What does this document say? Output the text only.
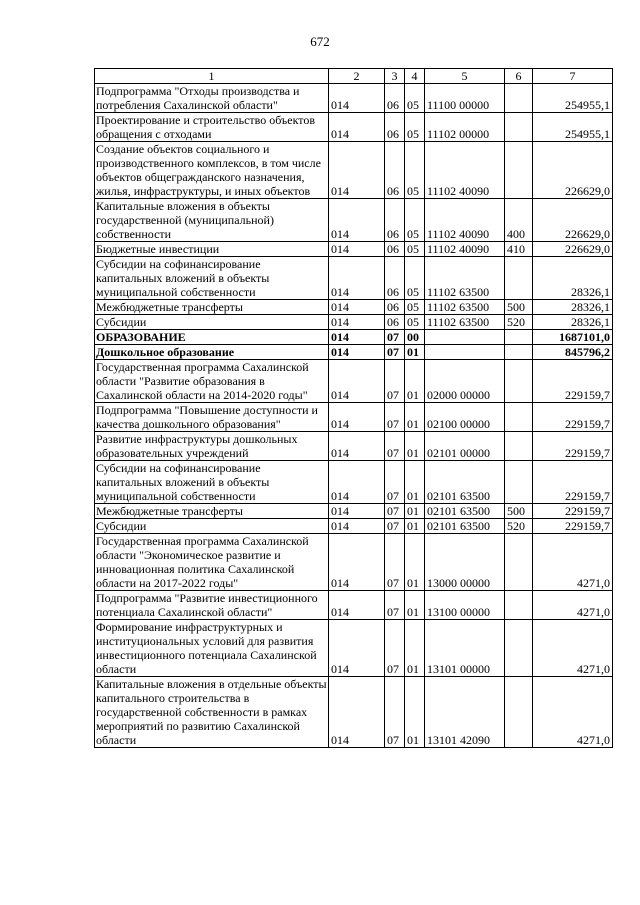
672
1	2	3	4	5	6	7
Подпрограмма "Отходы производства и потребления Сахалинской области"	014	06	05	11100 00000		254955,1
Проектирование и строительство объектов обращения с отходами	014	06	05	11102 00000		254955,1
Создание объектов социального и производственного комплексов, в том числе объектов общегражданского назначения, жилья, инфраструктуры, и иных объектов	014	06	05	11102 40090		226629,0
Капитальные вложения в объекты государственной (муниципальной) собственности	014	06	05	11102 40090	400	226629,0
Бюджетные инвестиции	014	06	05	11102 40090	410	226629,0
Субсидии на софинансирование капитальных вложений в объекты муниципальной собственности	014	06	05	11102 63500		28326,1
Межбюджетные трансферты	014	06	05	11102 63500	500	28326,1
Субсидии	014	06	05	11102 63500	520	28326,1
ОБРАЗОВАНИЕ	014	07	00			1687101,0
Дошкольное образование	014	07	01			845796,2
Государственная программа Сахалинской области "Развитие образования в Сахалинской области на 2014-2020 годы"	014	07	01	02000 00000		229159,7
Подпрограмма "Повышение доступности и качества дошкольного образования"	014	07	01	02100 00000		229159,7
Развитие инфраструктуры дошкольных образовательных учреждений	014	07	01	02101 00000		229159,7
Субсидии на софинансирование капитальных вложений в объекты муниципальной собственности	014	07	01	02101 63500		229159,7
Межбюджетные трансферты	014	07	01	02101 63500	500	229159,7
Субсидии	014	07	01	02101 63500	520	229159,7
Государственная программа Сахалинской области "Экономическое развитие и инновационная политика Сахалинской области на 2017-2022 годы"	014	07	01	13000 00000		4271,0
Подпрограмма "Развитие инвестиционного потенциала Сахалинской области"	014	07	01	13100 00000		4271,0
Формирование инфраструктурных и институциональных условий для развития инвестиционного потенциала Сахалинской области	014	07	01	13101 00000		4271,0
Капитальные вложения в отдельные объекты капитального строительства в государственной собственности в рамках мероприятий по развитию Сахалинской области	014	07	01	13101 42090		4271,0
